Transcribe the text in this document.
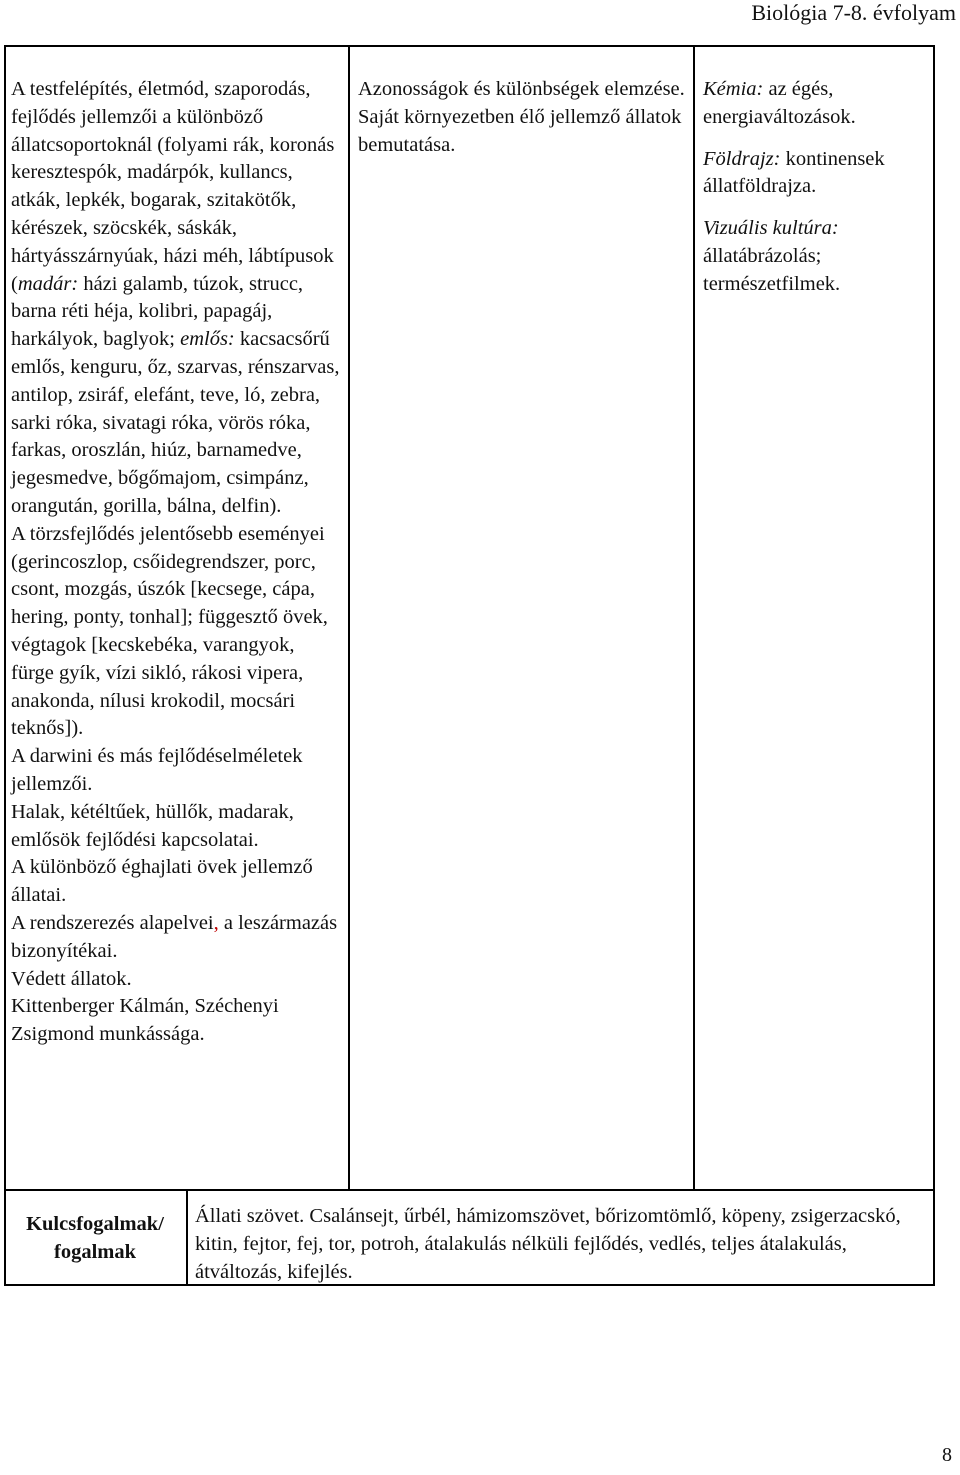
Biológia 7-8. évfolyam

A testfelépítés, életmód, szaporodás, fejlődés jellemzői a különböző állatcsoportoknál (folyami rák, koronás keresztespók, madárpók, kullancs, atkák, lepkék, bogarak, szitakötők, kérészek, szöcskék, sáskák, hártyásszárnyúak, házi méh, lábtípusok (madár: házi galamb, túzok, strucc, barna réti héja, kolibri, papagáj, harkályok, baglyok; emlős: kacsacsőrű emlős, kenguru, őz, szarvas, rénszarvas, antilop, zsiráf, elefánt, teve, ló, zebra, sarki róka, sivatagi róka, vörös róka, farkas, oroszlán, hiúz, barnamedve, jegesmedve, bőgőmajom, csimpánz, orangután, gorilla, bálna, delfin).

A törzsfejlődés jelentősebb eseményei (gerincoszlop, csőidegrendszer, porc, csont, mozgás, úszók [kecsege, cápa, hering, ponty, tonhal]; függesztő övek, végtagok [kecskebéka, varangyok, fürge gyík, vízi sikló, rákosi vipera, anakonda, nílusi krokodil, mocsári teknős]).

A darwini és más fejlődéselméletek jellemzői.

Halak, kétéltűek, hüllők, madarak, emlősök fejlődési kapcsolatai.

A különböző éghajlati övek jellemző állatai.

A rendszerezés alapelvei, a leszármazás bizonyítékai.

Védett állatok.

Kittenberger Kálmán, Széchenyi Zsigmond munkássága.

Azonosságok és különbségek elemzése.

Saját környezetben élő jellemző állatok bemutatása.

Kémia: az égés, energiaváltozások.

Földrajz: kontinensek állatföldrajza.

Vizuális kultúra:

állatábrázolás; természetfilmek.

Kulcsfogalmak/ fogalmak
Állati szövet. Csalánsejt, űrbél, hámizomszövet, bőrizomtömlő, köpeny, zsigerzacskó, kitin, fejtor, fej, tor, potroh, átalakulás nélküli fejlődés, vedlés, teljes átalakulás, átváltozás, kifejlés.
8
